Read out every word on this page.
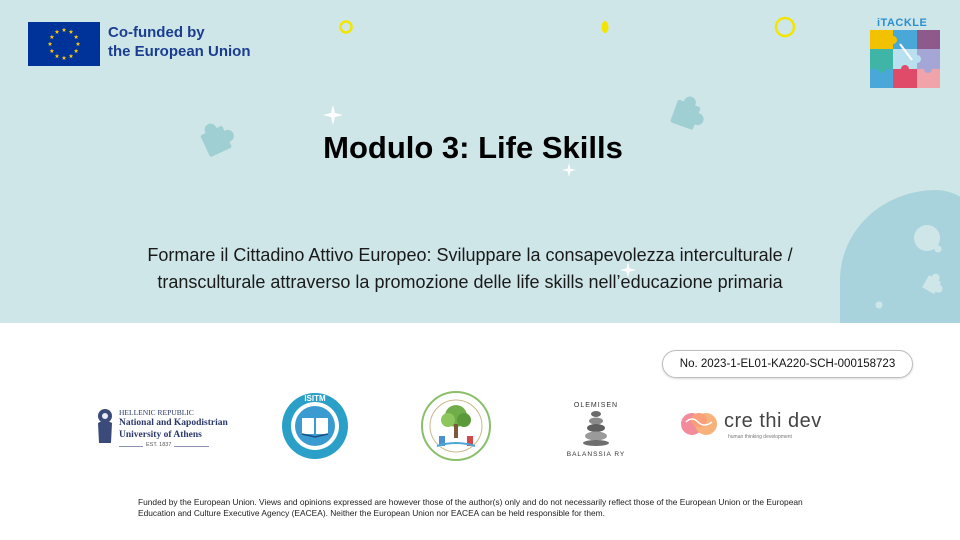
Co-funded by
the European Union
iTACKLE
Modulo 3: Life Skills
Formare il Cittadino Attivo Europeo: Sviluppare la consapevolezza interculturale /
transculturale attraverso la promozione delle life skills nell’educazione primaria
No. 2023-1-EL01-KA220-SCH-000158723
HELLENIC REPUBLIC
National and Kapodistrian
University of Athens
EST. 1837
ISITM
OLEMISEN
BALANSSIA RY
cre thi dev
human thinking development
Funded by the European Union. Views and opinions expressed are however those of the author(s) only and do not necessarily reflect those of the European Union or the European Education and Culture Executive Agency (EACEA). Neither the European Union nor EACEA can be held responsible for them.
